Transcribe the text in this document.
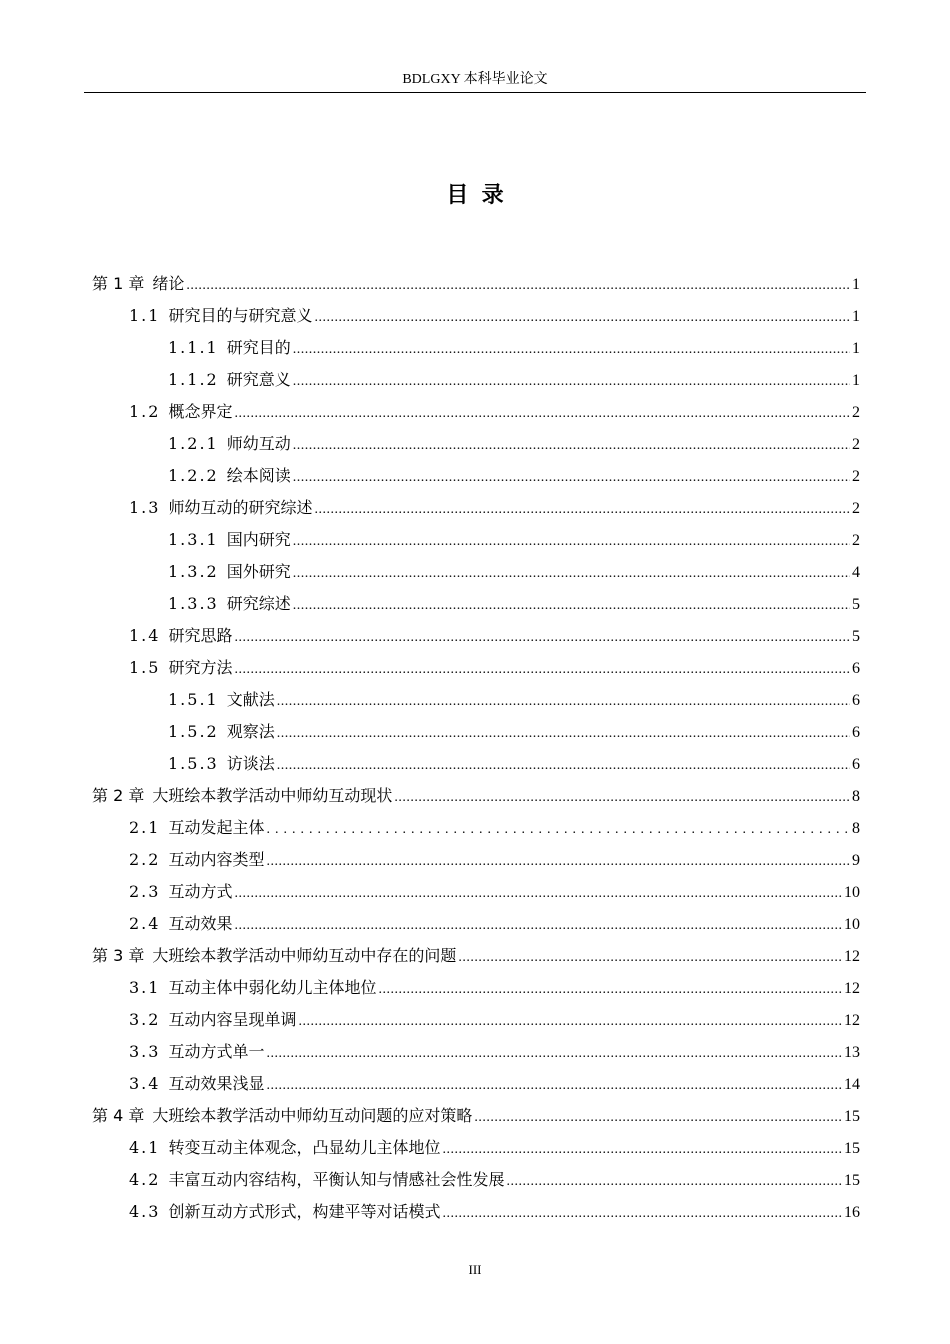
BDLGXY 本科毕业论文
目录
第 1 章 绪论 .....	1
1.1 研究目的与研究意义 .....	1
1.1.1 研究目的 .....	1
1.1.2 研究意义 .....	1
1.2 概念界定 .....	2
1.2.1 师幼互动 .....	2
1.2.2 绘本阅读 .....	2
1.3 师幼互动的研究综述 .....	2
1.3.1 国内研究 .....	2
1.3.2 国外研究 .....	4
1.3.3 研究综述 .....	5
1.4 研究思路 .....	5
1.5 研究方法 .....	6
1.5.1 文献法 .....	6
1.5.2 观察法 .....	6
1.5.3 访谈法 .....	6
第 2 章 大班绘本教学活动中师幼互动现状 .....	8
2.1 互动发起主体 .....	8
2.2 互动内容类型 .....	9
2.3 互动方式 .....	10
2.4 互动效果 .....	10
第 3 章 大班绘本教学活动中师幼互动中存在的问题 .....	12
3.1 互动主体中弱化幼儿主体地位 .....	12
3.2 互动内容呈现单调 .....	12
3.3 互动方式单一 .....	13
3.4 互动效果浅显 .....	14
第 4 章 大班绘本教学活动中师幼互动问题的应对策略 .....	15
4.1 转变互动主体观念，凸显幼儿主体地位 .....	15
4.2 丰富互动内容结构，平衡认知与情感社会性发展 .....	15
4.3 创新互动方式形式，构建平等对话模式 .....	16
III
